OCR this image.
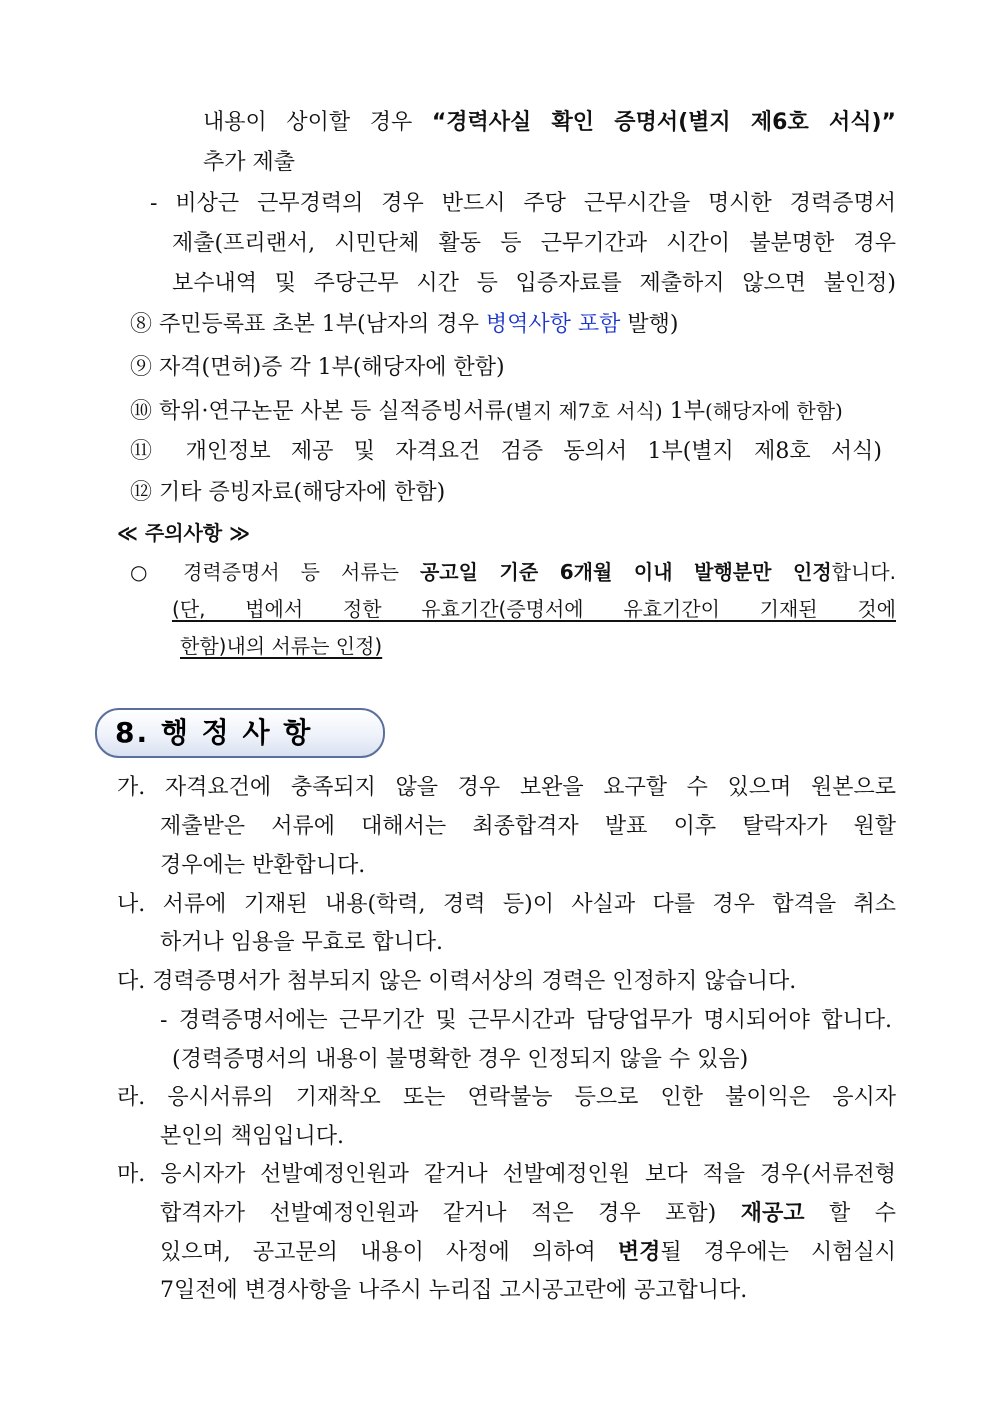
내용이 상이할 경우 “경력사실 확인 증명서(별지 제6호 서식)”
추가 제출
- 비상근 근무경력의 경우 반드시 주당 근무시간을 명시한 경력증명서
제출(프리랜서, 시민단체 활동 등 근무기간과 시간이 불분명한 경우
보수내역 및 주당근무 시간 등 입증자료를 제출하지 않으면 불인정)
⑧ 주민등록표 초본 1부(남자의 경우 병역사항 포함 발행)
⑨ 자격(면허)증 각 1부(해당자에 한함)
⑩ 학위·연구논문 사본 등 실적증빙서류(별지 제7호 서식) 1부(해당자에 한함)
⑪ 개인정보 제공 및 자격요건 검증 동의서 1부(별지 제8호 서식)
⑫ 기타 증빙자료(해당자에 한함)
≪ 주의사항 ≫
○ 경력증명서 등 서류는 공고일 기준 6개월 이내 발행분만 인정합니다.
(단, 법에서 정한 유효기간(증명서에 유효기간이 기재된 것에
한함)내의 서류는 인정)
8. 행 정 사 항
가. 자격요건에 충족되지 않을 경우 보완을 요구할 수 있으며 원본으로
제출받은 서류에 대해서는 최종합격자 발표 이후 탈락자가 원할
경우에는 반환합니다.
나. 서류에 기재된 내용(학력, 경력 등)이 사실과 다를 경우 합격을 취소
하거나 임용을 무효로 합니다.
다. 경력증명서가 첨부되지 않은 이력서상의 경력은 인정하지 않습니다.
- 경력증명서에는 근무기간 및 근무시간과 담당업무가 명시되어야 합니다.
(경력증명서의 내용이 불명확한 경우 인정되지 않을 수 있음)
라. 응시서류의 기재착오 또는 연락불능 등으로 인한 불이익은 응시자
본인의 책임입니다.
마. 응시자가 선발예정인원과 같거나 선발예정인원 보다 적을 경우(서류전형
합격자가 선발예정인원과 같거나 적은 경우 포함) 재공고 할 수
있으며, 공고문의 내용이 사정에 의하여 변경될 경우에는 시험실시
7일전에 변경사항을 나주시 누리집 고시공고란에 공고합니다.
